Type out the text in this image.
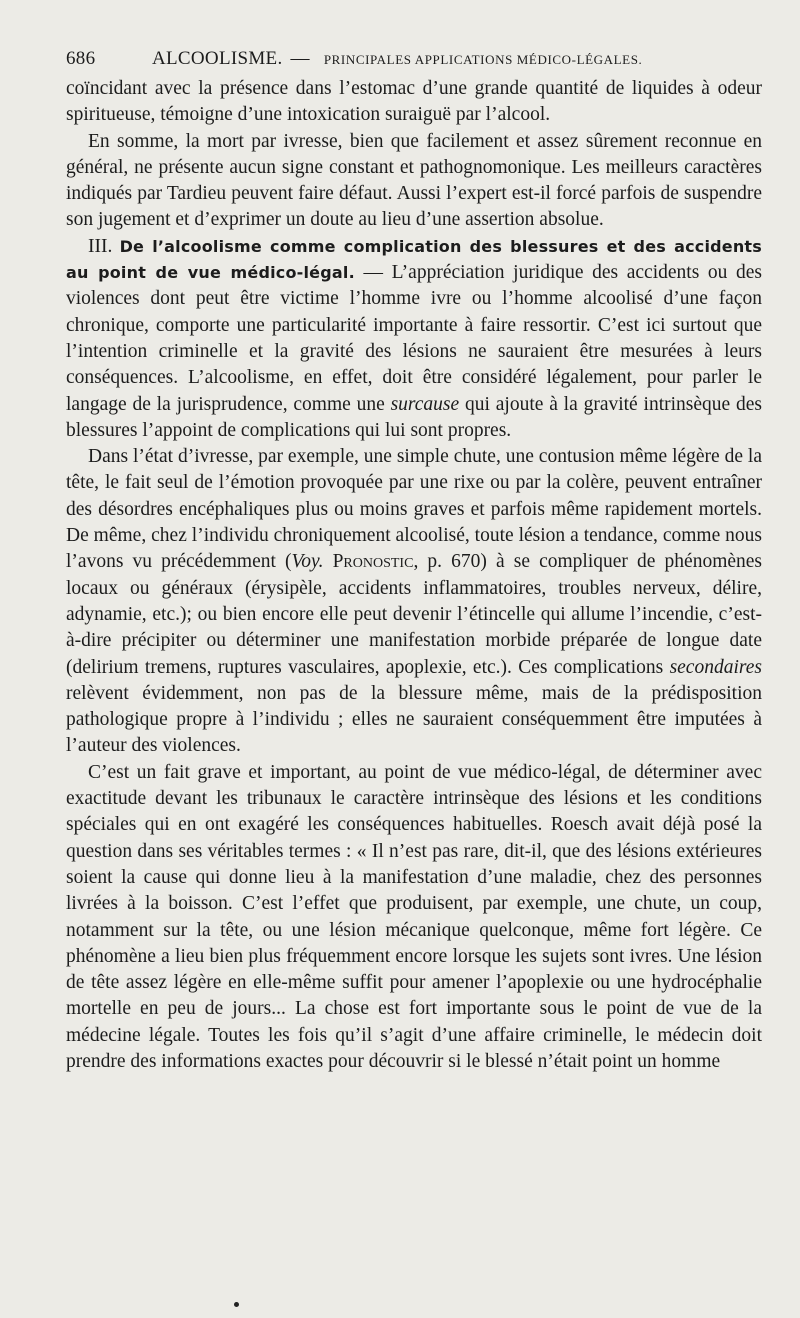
686	ALCOOLISME. — PRINCIPALES APPLICATIONS MÉDICO-LÉGALES.

coïncidant avec la présence dans l’estomac d’une grande quantité de liquides à odeur spiritueuse, témoigne d’une intoxication suraiguë par l’alcool.

En somme, la mort par ivresse, bien que facilement et assez sûrement reconnue en général, ne présente aucun signe constant et pathognomonique. Les meilleurs caractères indiqués par Tardieu peuvent faire défaut. Aussi l’expert est-il forcé parfois de suspendre son jugement et d’exprimer un doute au lieu d’une assertion absolue.

III. De l’alcoolisme comme complication des blessures et des accidents au point de vue médico-légal. — L’appréciation juridique des accidents ou des violences dont peut être victime l’homme ivre ou l’homme alcoolisé d’une façon chronique, comporte une particularité importante à faire ressortir. C’est ici surtout que l’intention criminelle et la gravité des lésions ne sauraient être mesurées à leurs conséquences. L’alcoolisme, en effet, doit être considéré légalement, pour parler le langage de la jurisprudence, comme une surcause qui ajoute à la gravité intrinsèque des blessures l’appoint de complications qui lui sont propres.

Dans l’état d’ivresse, par exemple, une simple chute, une contusion même légère de la tête, le fait seul de l’émotion provoquée par une rixe ou par la colère, peuvent entraîner des désordres encéphaliques plus ou moins graves et parfois même rapidement mortels. De même, chez l’individu chroniquement alcoolisé, toute lésion a tendance, comme nous l’avons vu précédemment (Voy. Pronostic, p. 670) à se compliquer de phénomènes locaux ou généraux (érysipèle, accidents inflammatoires, troubles nerveux, délire, adynamie, etc.); ou bien encore elle peut devenir l’étincelle qui allume l’incendie, c’est-à-dire précipiter ou déterminer une manifestation morbide préparée de longue date (delirium tremens, ruptures vasculaires, apoplexie, etc.). Ces complications secondaires relèvent évidemment, non pas de la blessure même, mais de la prédisposition pathologique propre à l’individu ; elles ne sauraient conséquemment être imputées à l’auteur des violences.

C’est un fait grave et important, au point de vue médico-légal, de déterminer avec exactitude devant les tribunaux le caractère intrinsèque des lésions et les conditions spéciales qui en ont exagéré les conséquences habituelles. Roesch avait déjà posé la question dans ses véritables termes : « Il n’est pas rare, dit-il, que des lésions extérieures soient la cause qui donne lieu à la manifestation d’une maladie, chez des personnes livrées à la boisson. C’est l’effet que produisent, par exemple, une chute, un coup, notamment sur la tête, ou une lésion mécanique quelconque, même fort légère. Ce phénomène a lieu bien plus fréquemment encore lorsque les sujets sont ivres. Une lésion de tête assez légère en elle-même suffit pour amener l’apoplexie ou une hydrocéphalie mortelle en peu de jours... La chose est fort importante sous le point de vue de la médecine légale. Toutes les fois qu’il s’agit d’une affaire criminelle, le médecin doit prendre des informations exactes pour découvrir si le blessé n’était point un homme
